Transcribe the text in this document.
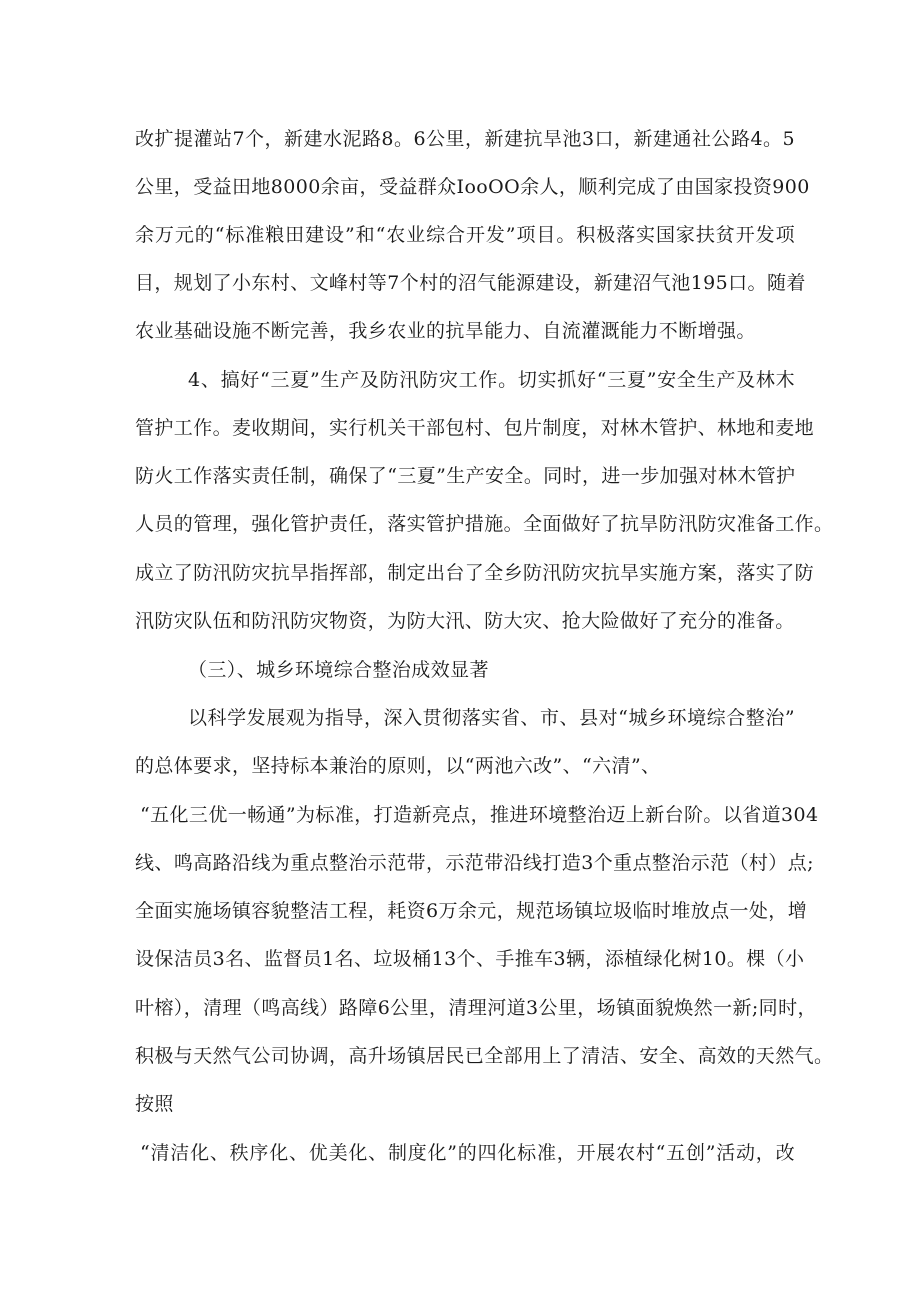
改扩提灌站7个，新建水泥路8。6公里，新建抗旱池3口，新建通社公路4。5
公里，受益田地8000余亩，受益群众IooOO余人，顺利完成了由国家投资900
余万元的“标准粮田建设”和“农业综合开发”项目。积极落实国家扶贫开发项
目，规划了小东村、文峰村等7个村的沼气能源建设，新建沼气池195口。随着
农业基础设施不断完善，我乡农业的抗旱能力、自流灌溉能力不断增强。
4、搞好“三夏”生产及防汛防灾工作。切实抓好“三夏”安全生产及林木
管护工作。麦收期间，实行机关干部包村、包片制度，对林木管护、林地和麦地
防火工作落实责任制，确保了“三夏”生产安全。同时，进一步加强对林木管护
人员的管理，强化管护责任，落实管护措施。全面做好了抗旱防汛防灾准备工作。
成立了防汛防灾抗旱指挥部，制定出台了全乡防汛防灾抗旱实施方案，落实了防
汛防灾队伍和防汛防灾物资，为防大汛、防大灾、抢大险做好了充分的准备。
（三）、城乡环境综合整治成效显著
以科学发展观为指导，深入贯彻落实省、市、县对“城乡环境综合整治”
的总体要求，坚持标本兼治的原则，以“两池六改”、“六清”、
“五化三优一畅通”为标准，打造新亮点，推进环境整治迈上新台阶。以省道304
线、鸣高路沿线为重点整治示范带，示范带沿线打造3个重点整治示范（村）点;
全面实施场镇容貌整洁工程，耗资6万余元，规范场镇垃圾临时堆放点一处，增
设保洁员3名、监督员1名、垃圾桶13个、手推车3辆，添植绿化树10。棵（小
叶榕），清理（鸣高线）路障6公里，清理河道3公里，场镇面貌焕然一新;同时，
积极与天然气公司协调，高升场镇居民已全部用上了清洁、安全、高效的天然气。
按照
“清洁化、秩序化、优美化、制度化”的四化标准，开展农村“五创”活动，改
